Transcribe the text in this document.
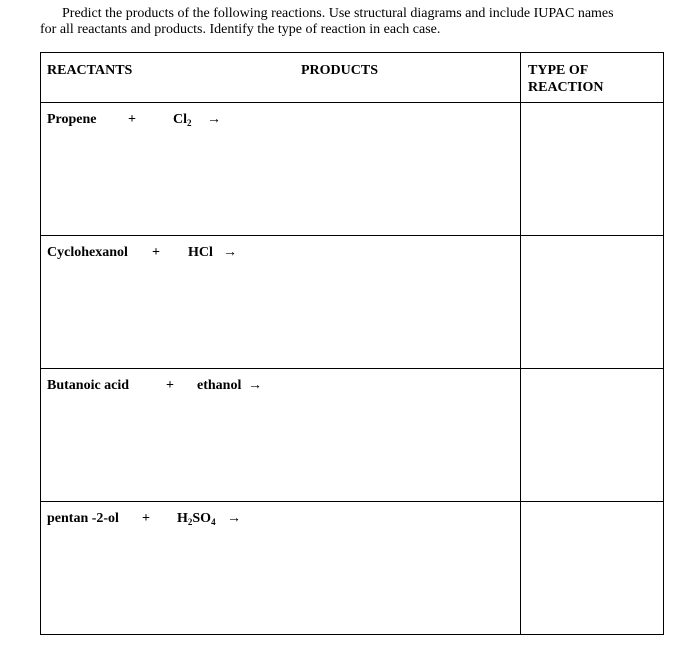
Predict the products of the following reactions. Use structural diagrams and include IUPAC names
for all reactants and products. Identify the type of reaction in each case.
REACTANTS PRODUCTS	TYPE OF
REACTION

Propene + $Cl_2$ →	

Cyclohexanol + HCl →	

Butanoic acid + ethanol →	

pentan $-2-ol + H_2SO_4$ →	
